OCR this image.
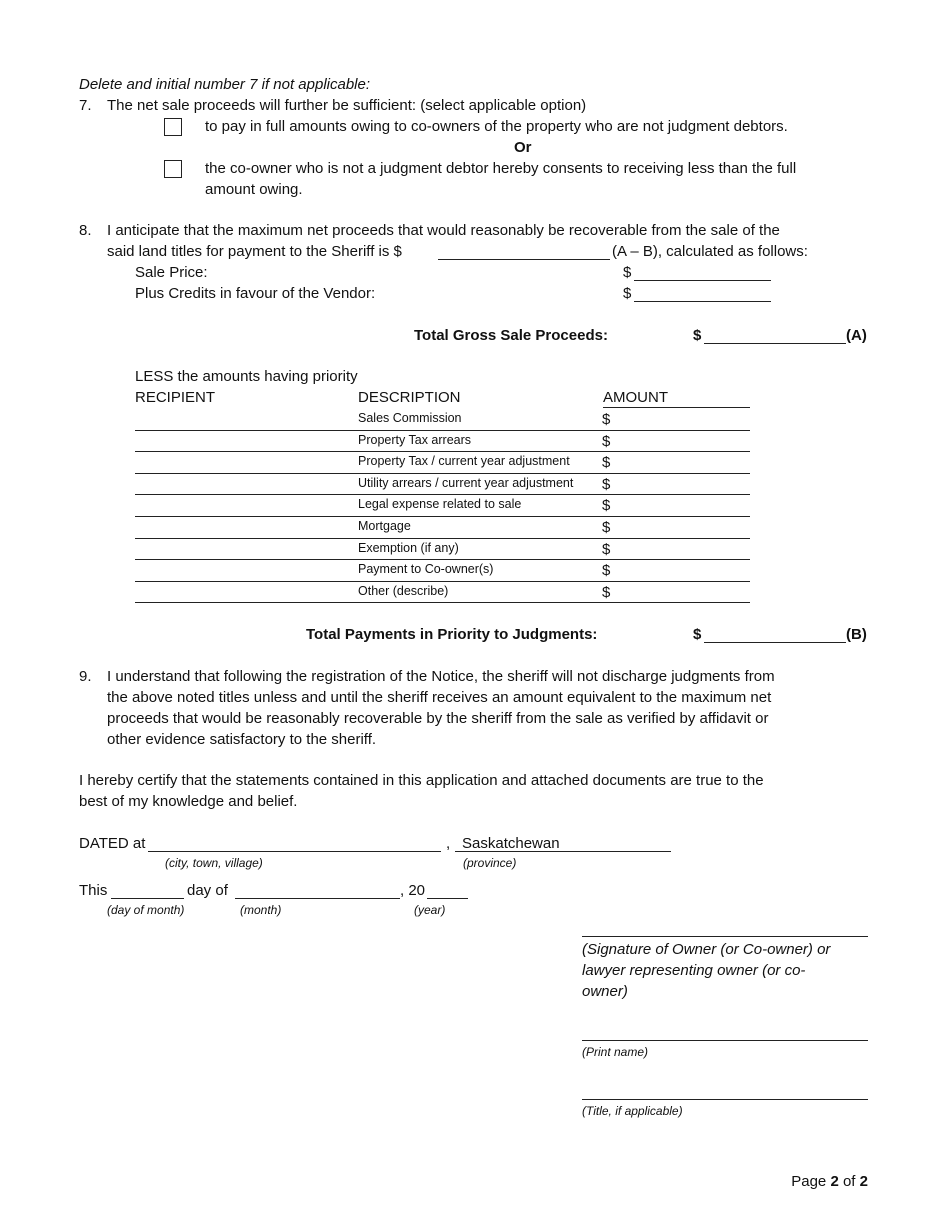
Delete and initial number 7 if not applicable:
7. The net sale proceeds will further be sufficient: (select applicable option)
to pay in full amounts owing to co-owners of the property who are not judgment debtors.
Or
the co-owner who is not a judgment debtor hereby consents to receiving less than the full
amount owing.
8. I anticipate that the maximum net proceeds that would reasonably be recoverable from the sale of the
said land titles for payment to the Sheriff is $	(A – B), calculated as follows:
Sale Price:	$
Plus Credits in favour of the Vendor:	$
Total Gross Sale Proceeds:	$	(A)
LESS the amounts having priority
RECIPIENT	DESCRIPTION	AMOUNT
Sales Commission	$
Property Tax arrears	$
Property Tax / current year adjustment $
Utility arrears / current year adjustment $
Legal expense related to sale	$
Mortgage	$
Exemption (if any)	$
Payment to Co-owner(s)	$
Other (describe)	$
Total Payments in Priority to Judgments:	$	(B)
9. I understand that following the registration of the Notice, the sheriff will not discharge judgments from
the above noted titles unless and until the sheriff receives an amount equivalent to the maximum net
proceeds that would be reasonably recoverable by the sheriff from the sale as verified by affidavit or
other evidence satisfactory to the sheriff.
I hereby certify that the statements contained in this application and attached documents are true to the
best of my knowledge and belief.
DATED at	, Saskatchewan
(city, town, village)	(province)
This	day of	, 20
(day of month)	(month)	(year)
(Signature of Owner (or Co-owner) or
lawyer representing owner (or co-
owner)
(Print name)
(Title, if applicable)
Page 2 of 2
